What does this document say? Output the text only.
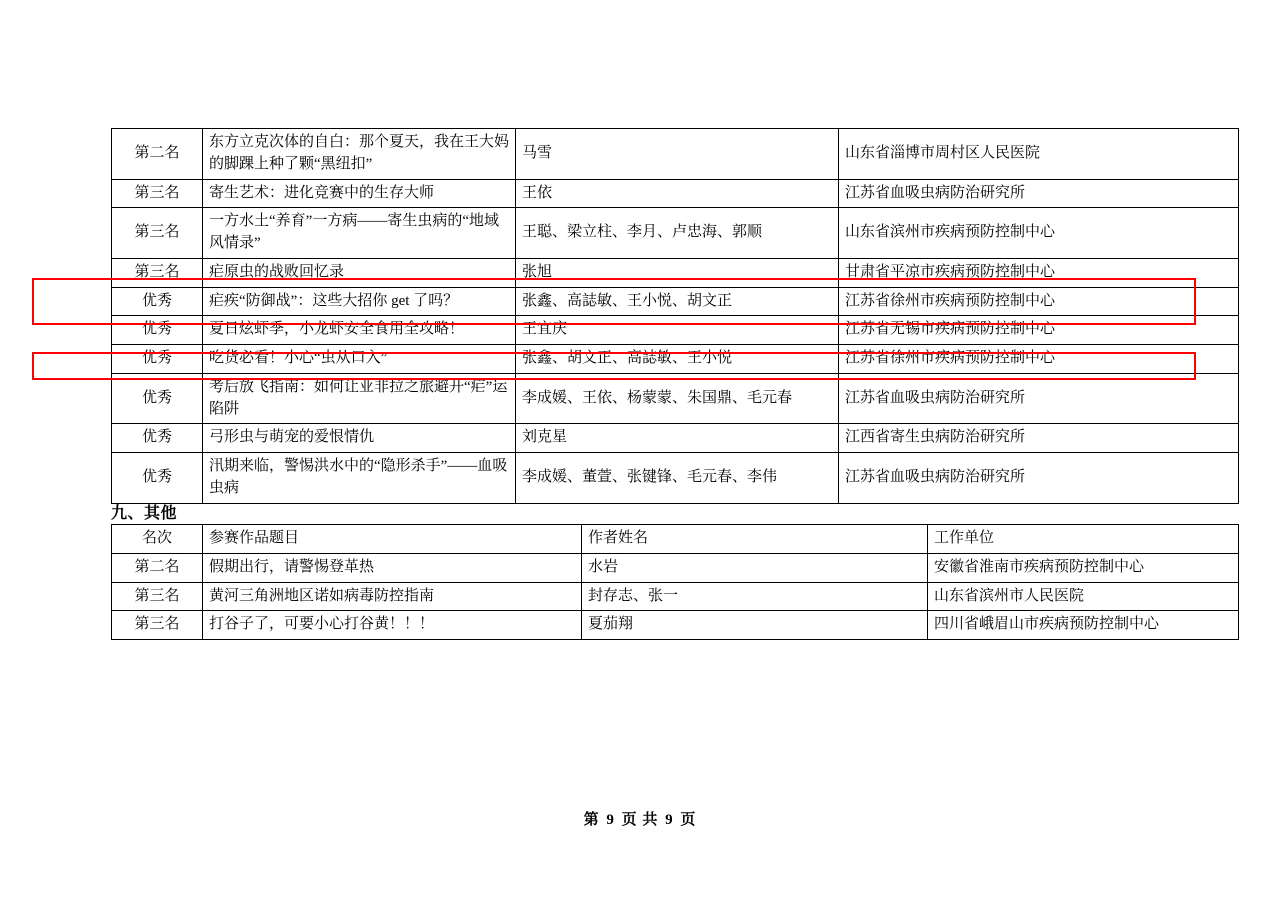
第二名	东方立克次体的自白：那个夏天，我在王大妈的脚踝上种了颗“黑纽扣”	马雪	山东省淄博市周村区人民医院
第三名	寄生艺术：进化竞赛中的生存大师	王依	江苏省血吸虫病防治研究所
第三名	一方水土“养育”一方病——寄生虫病的“地域风情录”	王聪、梁立柱、李月、卢忠海、郭顺	山东省滨州市疾病预防控制中心
第三名	疟原虫的战败回忆录	张旭	甘肃省平凉市疾病预防控制中心
优秀	疟疾“防御战”：这些大招你 get 了吗？	张鑫、高誌敏、王小悦、胡文正	江苏省徐州市疾病预防控制中心
优秀	夏日炫虾季，小龙虾安全食用全攻略！	王宜庆	江苏省无锡市疾病预防控制中心
优秀	吃货必看！小心“虫从口入”	张鑫、胡文正、高誌敏、王小悦	江苏省徐州市疾病预防控制中心
优秀	考后放飞指南：如何让亚非拉之旅避开“疟”运陷阱	李成媛、王依、杨蒙蒙、朱国鼎、毛元春	江苏省血吸虫病防治研究所
优秀	弓形虫与萌宠的爱恨情仇	刘克星	江西省寄生虫病防治研究所
优秀	汛期来临，警惕洪水中的“隐形杀手”——血吸虫病	李成媛、董萱、张键锋、毛元春、李伟	江苏省血吸虫病防治研究所
九、其他
名次	参赛作品题目	作者姓名	工作单位
第二名	假期出行，请警惕登革热	水岩	安徽省淮南市疾病预防控制中心
第三名	黄河三角洲地区诺如病毒防控指南	封存志、张一	山东省滨州市人民医院
第三名	打谷子了，可要小心打谷黄！！！	夏茄翔	四川省峨眉山市疾病预防控制中心
第 9 页 共 9 页
